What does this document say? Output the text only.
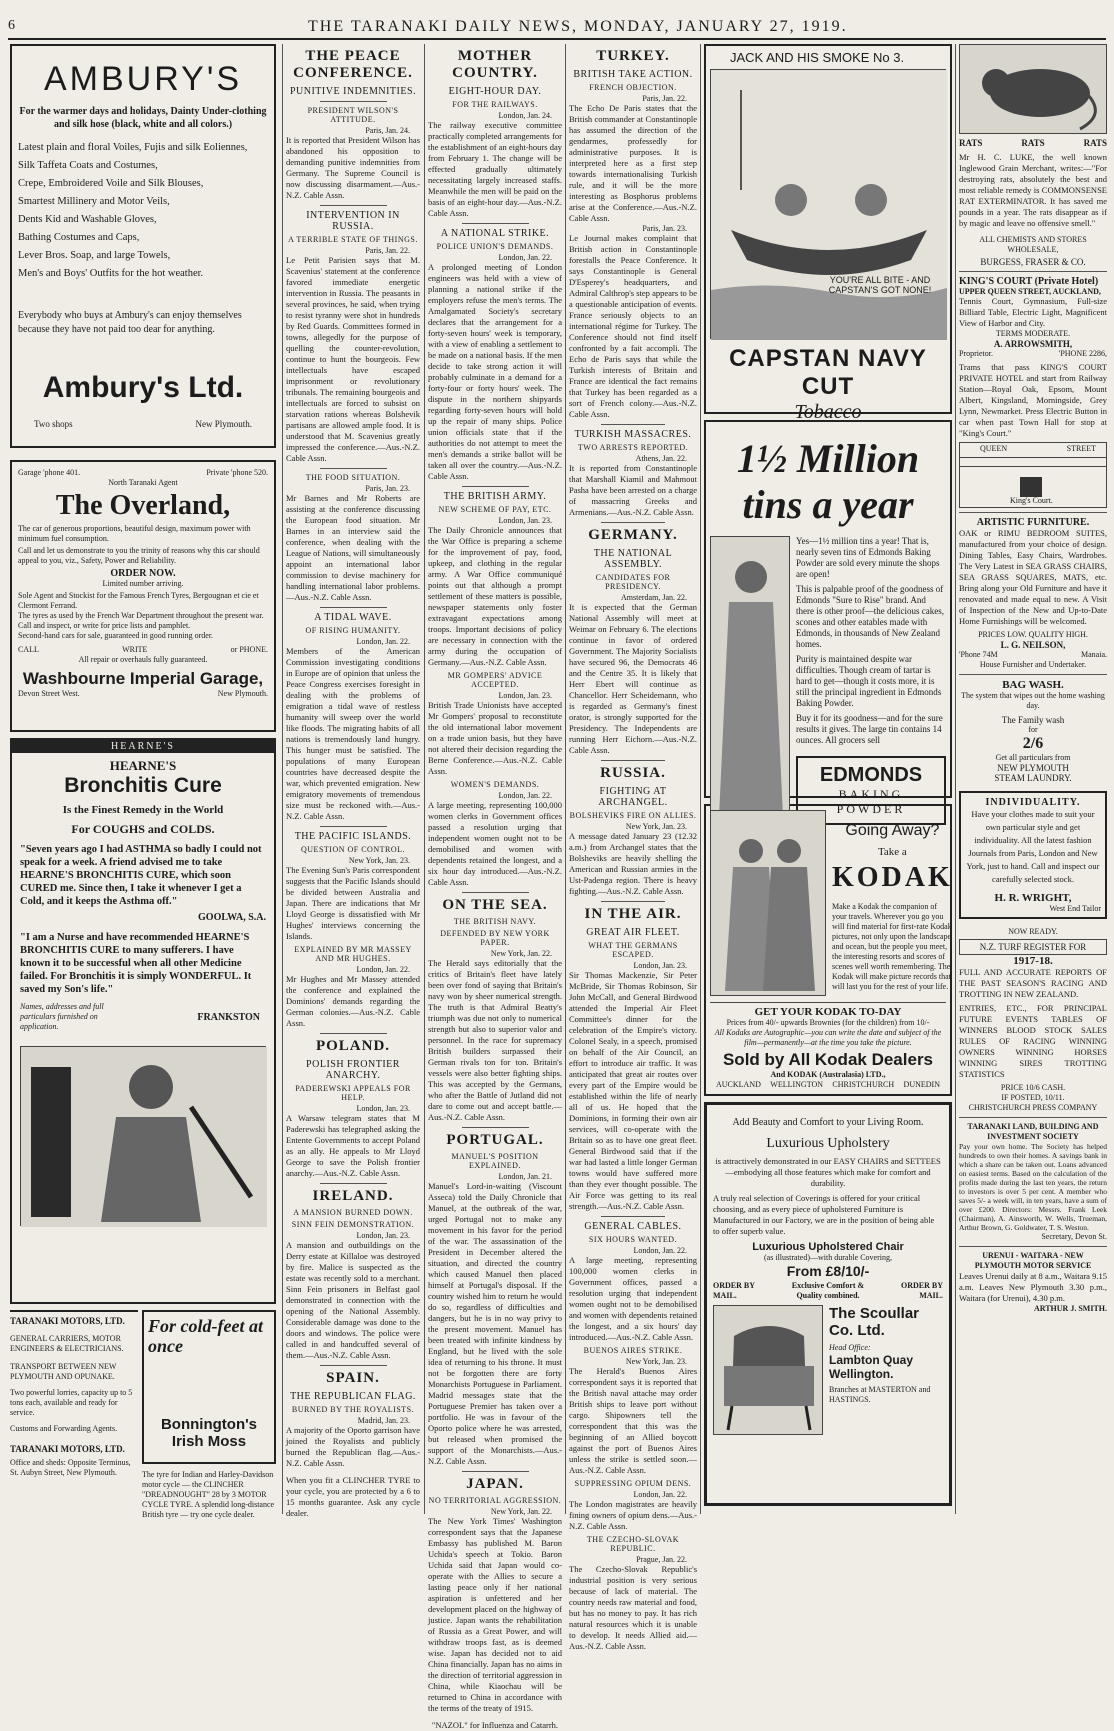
6	THE TARANAKI DAILY NEWS, MONDAY, JANUARY 27, 1919.
AMBURY'S
For the warmer days and holidays, Dainty Under-clothing and silk hose (black, white and all colors.)
Latest plain and floral Voiles, Fujis and silk Eoliennes,
Silk Taffeta Coats and Costumes,
Crepe, Embroidered Voile and Silk Blouses,
Smartest Millinery and Motor Veils,
Dents Kid and Washable Gloves,
Bathing Costumes and Caps,
Lever Bros. Soap, and large Towels,
Men's and Boys' Outfits for the hot weather.
Everybody who buys at Ambury's can enjoy themselves because they have not paid too dear for anything.
Ambury's Ltd.
Two shops	New Plymouth.
Garage 'phone 401.	Private 'phone 520.
North Taranaki Agent
The Overland,
The car of generous proportions, beautiful design, maximum power with minimum fuel consumption.
Call and let us demonstrate to you the trinity of reasons why this car should appeal to you, viz., Safety, Power and Reliability.
ORDER NOW.
Limited number arriving.
Sole Agent and Stockist for the Famous French Tyres, Bergougnan et cie et Clermont Ferrand.
The tyres as used by the French War Department throughout the present war.
Call and inspect, or write for price lists and pamphlet.
Second-hand cars for sale, guaranteed in good running order.
CALL	WRITE	or PHONE.
All repair or overhauls fully guaranteed.
Washbourne Imperial Garage,
Devon Street West.	New Plymouth.
HEARNE'S
HEARNE'S
Bronchitis Cure
Is the Finest Remedy in the World
For COUGHS and COLDS.
"Seven years ago I had ASTHMA so badly I could not speak for a week. A friend advised me to take HEARNE'S BRONCHITIS CURE, which soon CURED me. Since then, I take it whenever I get a Cold, and it keeps the Asthma off."
GOOLWA, S.A.
"I am a Nurse and have recommended HEARNE'S BRONCHITIS CURE to many sufferers. I have known it to be successful when all other Medicine failed. For Bronchitis it is simply WONDERFUL. It saved my Son's life."
Names, addresses and full particulars furnished on application.
FRANKSTON
TARANAKI MOTORS, LTD.
GENERAL CARRIERS, MOTOR ENGINEERS & ELECTRICIANS.
TRANSPORT BETWEEN NEW PLYMOUTH AND OPUNAKE.
Two powerful lorries, capacity up to 5 tons each, available and ready for service.
Customs and Forwarding Agents.
TARANAKI MOTORS, LTD.
Office and sheds: Opposite Terminus, St. Aubyn Street, New Plymouth.
For cold-feet at once
Bonnington's Irish Moss
The tyre for Indian and Harley-Davidson motor cycle — the CLINCHER "DREADNOUGHT" 28 by 3 MOTOR CYCLE TYRE. A splendid long-distance British tyre — try one cycle dealer.
THE PEACE CONFERENCE.
PUNITIVE INDEMNITIES.
PRESIDENT WILSON'S ATTITUDE.
Paris, Jan. 24.
It is reported that President Wilson has abandoned his opposition to demanding punitive indemnities from Germany. The Supreme Council is now discussing disarmament.—Aus.-N.Z. Cable Assn.
INTERVENTION IN RUSSIA.
A TERRIBLE STATE OF THINGS.
Paris, Jan. 22.
Le Petit Parisien says that M. Scavenius' statement at the conference favored immediate energetic intervention in Russia. The peasants in several provinces, he said, when trying to resist tyranny were shot in hundreds by Red Guards. Committees formed in towns, allegedly for the purpose of quelling the counter-revolution, continue to hunt the bourgeois. Few intellectuals have escaped imprisonment or revolutionary tribunals. The remaining bourgeois and intellectuals are forced to subsist on starvation rations whereas Bolshevik partisans are allowed ample food. It is understood that M. Scavenius greatly impressed the conference.—Aus.-N.Z. Cable Assn.
THE FOOD SITUATION.
Paris, Jan. 23.
Mr Barnes and Mr Roberts are assisting at the conference discussing the European food situation. Mr Barnes in an interview said the conference, when dealing with the League of Nations, will simultaneously appoint an international labor commission to devise machinery for handling international labor problems.—Aus.-N.Z. Cable Assn.
A TIDAL WAVE.
OF RISING HUMANITY.
London, Jan. 22.
Members of the American Commission investigating conditions in Europe are of opinion that unless the Peace Congress exercises foresight in dealing with the problems of emigration a tidal wave of restless humanity will sweep over the world like floods. The migrating habits of all nations is tremendously land hungry. This hunger must be satisfied. The populations of many European countries have decreased despite the war, which prevented emigration. New emigratory movements of tremendous size must be reckoned with.—Aus.-N.Z. Cable Assn.
THE PACIFIC ISLANDS.
QUESTION OF CONTROL.
New York, Jan. 23.
The Evening Sun's Paris correspondent suggests that the Pacific Islands should be divided between Australia and Japan. There are indications that Mr Lloyd George is dissatisfied with Mr Hughes' interviews concerning the Islands.
EXPLAINED BY MR MASSEY AND MR HUGHES.
London, Jan. 22.
Mr Hughes and Mr Massey attended the conference and explained the Dominions' demands regarding the German colonies.—Aus.-N.Z. Cable Assn.
POLAND.
POLISH FRONTIER ANARCHY.
PADEREWSKI APPEALS FOR HELP.
London, Jan. 23.
A Warsaw telegram states that M Paderewski has telegraphed asking the Entente Governments to accept Poland as an ally. He appeals to Mr Lloyd George to save the Polish frontier anarchy.—Aus.-N.Z. Cable Assn.
IRELAND.
A MANSION BURNED DOWN.
SINN FEIN DEMONSTRATION.
London, Jan. 23.
A mansion and outbuildings on the Derry estate at Killaloe was destroyed by fire. Malice is suspected as the estate was recently sold to a merchant. Sinn Fein prisoners in Belfast gaol demonstrated in connection with the opening of the National Assembly. Considerable damage was done to the doors and windows. The police were called in and handcuffed several of them.—Aus.-N.Z. Cable Assn.
SPAIN.
THE REPUBLICAN FLAG.
BURNED BY THE ROYALISTS.
Madrid, Jan. 23.
A majority of the Oporto garrison have joined the Royalists and publicly burned the Republican flag.—Aus.-N.Z. Cable Assn.
When you fit a CLINCHER TYRE to your cycle, you are protected by a 6 to 15 months guarantee. Ask any cycle dealer.
MOTHER COUNTRY.
EIGHT-HOUR DAY.
FOR THE RAILWAYS.
London, Jan. 24.
The railway executive committee practically completed arrangements for the establishment of an eight-hours day from February 1. The change will be effected gradually ultimately necessitating largely increased staffs. Meanwhile the men will be paid on the basis of an eight-hour day.—Aus.-N.Z. Cable Assn.
A NATIONAL STRIKE.
POLICE UNION'S DEMANDS.
London, Jan. 22.
A prolonged meeting of London engineers was held with a view of planning a national strike if the employers refuse the men's terms. The Amalgamated Society's secretary declares that the arrangement for a forty-seven hours' week is temporary, with a view of enabling a settlement to be made on a national basis. If the men decide to take strong action it will probably culminate in a demand for a forty-four or forty hours' week. The dispute in the northern shipyards regarding forty-seven hours will hold up the repair of many ships. Police union officials state that if the authorities do not attempt to meet the men's demands a strike ballot will be taken all over the country.—Aus.-N.Z. Cable Assn.
THE BRITISH ARMY.
NEW SCHEME OF PAY, ETC.
London, Jan. 23.
The Daily Chronicle announces that the War Office is preparing a scheme for the improvement of pay, food, upkeep, and clothing in the regular army. A War Office communiqué points out that although a prompt settlement of these matters is possible, newspaper statements only foster extravagant expectations among troops. Important decisions of policy are necessary in connection with the army during the occupation of Germany.—Aus.-N.Z. Cable Assn.
MR GOMPERS' ADVICE ACCEPTED.
London, Jan. 23.
British Trade Unionists have accepted Mr Gompers' proposal to reconstitute the old international labor movement on a trade union basis, but they have not altered their decision regarding the Berne Conference.—Aus.-N.Z. Cable Assn.
WOMEN'S DEMANDS.
London, Jan. 22.
A large meeting, representing 100,000 women clerks in Government offices passed a resolution urging that independent women ought not to be demobilised and women with dependents retained the longest, and a six hour day introduced.—Aus.-N.Z. Cable Assn.
ON THE SEA.
THE BRITISH NAVY.
DEFENDED BY NEW YORK PAPER.
New York, Jan. 22.
The Herald says editorially that the critics of Britain's fleet have lately been over fond of saying that Britain's navy won by sheer numerical strength. The truth is that Admiral Beatty's triumph was due not only to numerical strength but also to superior valor and personnel. In the race for supremacy British builders surpassed their German rivals ton for ton. Britain's vessels were also better fighting ships. This was accepted by the Germans, who after the Battle of Jutland did not dare to come out and accept battle.—Aus.-N.Z. Cable Assn.
PORTUGAL.
MANUEL'S POSITION EXPLAINED.
London, Jan. 21.
Manuel's Lord-in-waiting (Viscount Asseca) told the Daily Chronicle that Manuel, at the outbreak of the war, urged Portugal not to make any movement in his favor for the period of the war. The assassination of the President in December altered the situation, and directed the country which caused Manuel then placed himself at Portugal's disposal. If the country wished him to return he would do so, regardless of difficulties and dangers, but he is in no way privy to the present movement. Manuel has been treated with infinite kindness by England, but he lived with the sole idea of returning to his throne. It must not be forgotten there are forty Monarchists Portuguese in Parliament. Madrid messages state that the Portuguese Premier has taken over a portfolio. He was in favour of the Oporto police where he was arrested, but released when promised the support of the Monarchists.—Aus.-N.Z. Cable Assn.
JAPAN.
NO TERRITORIAL AGGRESSION.
New York, Jan. 22.
The New York Times' Washington correspondent says that the Japanese Embassy has published M. Baron Uchida's speech at Tokio. Baron Uchida said that Japan would co-operate with the Allies to secure a lasting peace only if her national aspiration is unfettered and her development placed on the highway of justice. Japan wants the rehabilitation of Russia as a Great Power, and will withdraw troops fast, as is deemed wise. Japan has decided not to aid China financially. Japan has no aims in the direction of territorial aggression in China, while Kiaochau will be returned to China in accordance with the terms of the treaty of 1915.
"NAZOL" for Influenza and Catarrh.
TURKEY.
BRITISH TAKE ACTION.
FRENCH OBJECTION.
Paris, Jan. 22.
The Echo De Paris states that the British commander at Constantinople has assumed the direction of the gendarmes, professedly for administrative purposes. It is interpreted here as a first step towards internationalising Turkish rule, and it will be the more interesting as Bosphorus problems arise at the Conference.—Aus.-N.Z. Cable Assn.
Paris, Jan. 23.
Le Journal makes complaint that British action in Constantinople forestalls the Peace Conference. It says Constantinople is General D'Esperey's headquarters, and Admiral Calthrop's step appears to be a questionable anticipation of events. France seriously objects to an international régime for Turkey. The Conference should not find itself confronted by a fait accompli. The Echo de Paris says that while the Turkish interests of Britain and France are identical the fact remains that Turkey has been regarded as a sort of French colony.—Aus.-N.Z. Cable Assn.
TURKISH MASSACRES.
TWO ARRESTS REPORTED.
Athens, Jan. 22.
It is reported from Constantinople that Marshall Kiamil and Mahmout Pasha have been arrested on a charge of massacring Greeks and Armenians.—Aus.-N.Z. Cable Assn.
GERMANY.
THE NATIONAL ASSEMBLY.
CANDIDATES FOR PRESIDENCY.
Amsterdam, Jan. 22.
It is expected that the German National Assembly will meet at Weimar on February 6. The elections continue in favor of ordered Government. The Majority Socialists have secured 96, the Democrats 46 and the Centre 35. It is likely that Herr Ebert will continue as Chancellor. Herr Scheidemann, who is regarded as Germany's finest orator, is strongly supported for the Presidency. The Independents are running Herr Eichorn.—Aus.-N.Z. Cable Assn.
RUSSIA.
FIGHTING AT ARCHANGEL.
BOLSHEVIKS FIRE ON ALLIES.
New York, Jan. 23.
A message dated January 23 (12.32 a.m.) from Archangel states that the Bolsheviks are heavily shelling the American and Russian armies in the Ust-Padenga region. There is heavy fighting.—Aus.-N.Z. Cable Assn.
IN THE AIR.
GREAT AIR FLEET.
WHAT THE GERMANS ESCAPED.
London, Jan. 23.
Sir Thomas Mackenzie, Sir Peter McBride, Sir Thomas Robinson, Sir John McCall, and General Birdwood attended the Imperial Air Fleet Committee's dinner for the celebration of the Empire's victory. Colonel Sealy, in a speech, promised on behalf of the Air Council, an effort to introduce air traffic. It was anticipated that great air routes over every part of the Empire would be established within the life of nearly all of us. He hoped that the Dominions, in forming their own air services, will co-operate with the Britain so as to have one great fleet. General Birdwood said that if the war had lasted a little longer German towns would have suffered more than they ever thought possible. The Air Force was getting to its real strength.—Aus.-N.Z. Cable Assn.
GENERAL CABLES.
SIX HOURS WANTED.
London, Jan. 22.
A large meeting, representing 100,000 women clerks in Government offices, passed a resolution urging that independent women ought not to be demobilised and women with dependents retained the longest, and a six hours' day introduced.—Aus.-N.Z. Cable Assn.
BUENOS AIRES STRIKE.
New York, Jan. 23.
The Herald's Buenos Aires correspondent says it is reported that the British naval attache may order British ships to leave port without cargo. Shipowners tell the correspondent that this was the beginning of an Allied boycott against the port of Buenos Aires unless the strike is settled soon.—Aus.-N.Z. Cable Assn.
SUPPRESSING OPIUM DENS.
London, Jan. 22.
The London magistrates are heavily fining owners of opium dens.—Aus.-N.Z. Cable Assn.
THE CZECHO-SLOVAK REPUBLIC.
Prague, Jan. 22.
The Czecho-Slovak Republic's industrial position is very serious because of lack of material. The country needs raw material and food, but has no money to pay. It has rich natural resources which it is unable to develop. It needs Allied aid.—Aus.-N.Z. Cable Assn.
JACK AND HIS SMOKE No 3.
YOU'RE ALL BITE - AND CAPSTAN'S GOT NONE!
CAPSTAN NAVY CUT
Tobacco
1½ Million tins a year
Yes—1½ million tins a year! That is, nearly seven tins of Edmonds Baking Powder are sold every minute the shops are open!
This is palpable proof of the goodness of Edmonds "Sure to Rise" brand. And there is other proof—the delicious cakes, scones and other eatables made with Edmonds, in thousands of New Zealand homes.
Purity is maintained despite war difficulties. Though cream of tartar is hard to get—though it costs more, it is still the principal ingredient in Edmonds Baking Powder.
Buy it for its goodness—and for the sure results it gives. The large tin contains 14 ounces. All grocers sell
EDMONDS
BAKING
POWDER
Going Away?
Take a
KODAK
Make a Kodak the companion of your travels. Wherever you go you will find material for first-rate Kodak pictures, not only upon the landscape and ocean, but the people you meet, the interesting resorts and scores of scenes well worth remembering. The Kodak will make picture records that will last you for the rest of your life.
GET YOUR KODAK TO-DAY
Prices from 40/- upwards Brownies (for the children) from 10/-
All Kodaks are Autographic—you can write the date and subject of the film—permanently—at the time you take the picture.
Sold by All Kodak Dealers
And KODAK (Australasia) LTD.,
AUCKLAND WELLINGTON CHRISTCHURCH DUNEDIN
Add Beauty and Comfort to your Living Room.
Luxurious Upholstery
is attractively demonstrated in our EASY CHAIRS and SETTEES—embodying all those features which make for comfort and durability.
A truly real selection of Coverings is offered for your critical choosing, and as every piece of upholstered Furniture is Manufactured in our Factory, we are in the position of being able to offer superb value.
Luxurious Upholstered Chair
(as illustrated)—with durable Covering,
From £8/10/-
ORDER BY MAIL.
Exclusive Comfort & Quality combined.
ORDER BY MAIL.
The Scoullar Co. Ltd.
Head Office:
Lambton Quay Wellington.
Branches at MASTERTON and HASTINGS.
RATS	RATS	RATS
Mr H. C. LUKE, the well known Inglewood Grain Merchant, writes:—"For destroying rats, absolutely the best and most reliable remedy is COMMONSENSE RAT EXTERMINATOR. It has saved me pounds in a year. The rats disappear as if by magic and leave no offensive smell."
ALL CHEMISTS AND STORES WHOLESALE,
BURGESS, FRASER & CO.
KING'S COURT (Private Hotel)
UPPER QUEEN STREET, AUCKLAND,
Tennis Court, Gymnasium, Full-size Billiard Table, Electric Light, Magnificent View of Harbor and City.
TERMS MODERATE.
A. ARROWSMITH,
Proprietor.	'PHONE 2286,
Trams that pass KING'S COURT PRIVATE HOTEL and start from Railway Station—Royal Oak, Epsom, Mount Albert, Kingsland, Morningside, Grey Lynn, Newmarket. Press Electric Button in car when past Town Hall for stop at "King's Court."
QUEEN	STREET
King's Court.
ARTISTIC FURNITURE.
OAK or RIMU BEDROOM SUITES, manufactured from your choice of design. Dining Tables, Easy Chairs, Wardrobes. The Very Latest in SEA GRASS CHAIRS, SEA GRASS SQUARES, MATS, etc. Bring along your Old Furniture and have it renovated and made equal to new. A Visit of Inspection of the New and Up-to-Date Home Furnishings will be welcomed.
PRICES LOW. QUALITY HIGH.
L. G. NEILSON,
'Phone 74M	Manaia.
House Furnisher and Undertaker.
BAG WASH.
The system that wipes out the home washing day.
The Family wash
for
2/6
Get all particulars from
NEW PLYMOUTH
STEAM LAUNDRY.
INDIVIDUALITY.
Have your clothes made to suit your own particular style and get individuality. All the latest fashion Journals from Paris, London and New York, just to hand. Call and inspect our carefully selected stock.
H. R. WRIGHT,
West End Tailor
NOW READY.
N.Z. TURF REGISTER FOR
1917-18.
FULL AND ACCURATE REPORTS OF THE PAST SEASON'S RACING AND TROTTING IN NEW ZEALAND.
ENTRIES, ETC., FOR PRINCIPAL FUTURE EVENTS TABLES OF WINNERS BLOOD STOCK SALES RULES OF RACING WINNING OWNERS WINNING HORSES WINNING SIRES TROTTING STATISTICS
PRICE 10/6 CASH.
IF POSTED, 10/11.
CHRISTCHURCH PRESS COMPANY
TARANAKI LAND, BUILDING AND INVESTMENT SOCIETY
Pay your own home. The Society has helped hundreds to own their homes. A savings bank in which a share can be taken out. Loans advanced on easiest terms. Based on the calculation of the profits made during the last ten years, the return to investors is over 5 per cent. A member who saves 5/- a week will, in ten years, have a sum of over £200. Directors: Messrs. Frank Leek (Chairman), A. Ainsworth, W. Wells, Trueman, Arthur Brown, G. Goldwater, T. S. Weston.
Secretary, Devon St.
URENUI - WAITARA - NEW PLYMOUTH MOTOR SERVICE
Leaves Urenui daily at 8 a.m., Waitara 9.15 a.m. Leaves New Plymouth 3.30 p.m., Waitara (for Urenui), 4.30 p.m.
ARTHUR J. SMITH.
